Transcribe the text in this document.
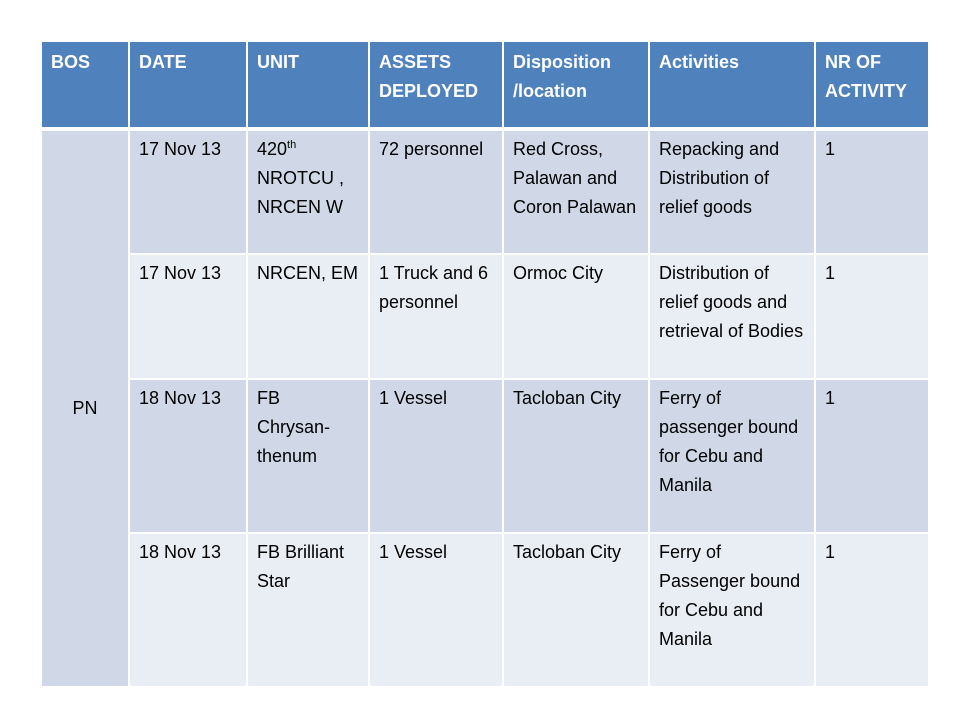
BOS	DATE	UNIT	ASSETS DEPLOYED	Disposition /location	Activities	NR OF ACTIVITY
PN	17 Nov 13	420th NROTCU , NRCEN W	72 personnel	Red Cross, Palawan and Coron Palawan	Repacking and Distribution of relief goods	1
	17 Nov 13	NRCEN, EM	1 Truck and 6 personnel	Ormoc City	Distribution of relief goods and retrieval of Bodies	1
	18 Nov 13	FB Chrysan-thenum	1 Vessel	Tacloban City	Ferry of passenger bound for Cebu and Manila	1
	18 Nov 13	FB Brilliant Star	1 Vessel	Tacloban City	Ferry of Passenger bound for Cebu and Manila	1
